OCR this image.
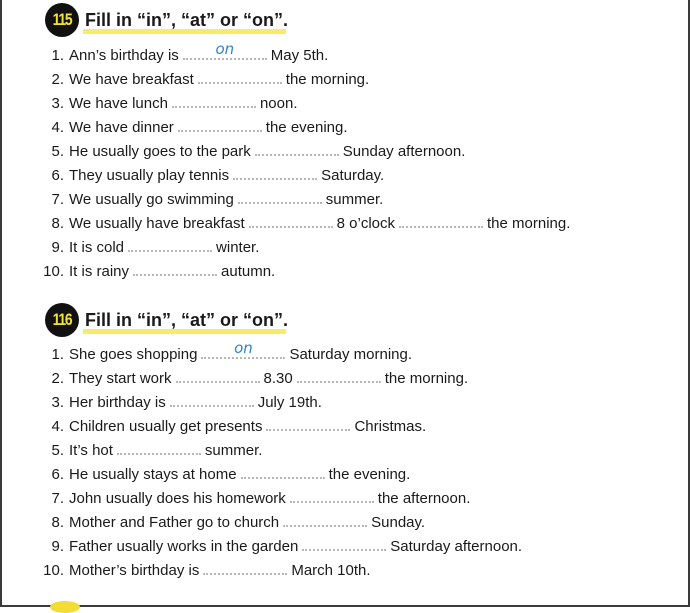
115 Fill in “in”, “at” or “on”.
1. Ann’s birthday is	on	May 5th.
2. We have breakfast	the morning.
3. We have lunch	noon.
4. We have dinner	the evening.
5. He usually goes to the park	Sunday afternoon.
6. They usually play tennis	Saturday.
7. We usually go swimming	summer.
8. We usually have breakfast	8 o’clock	the morning.
9. It is cold	winter.
10. It is rainy	autumn.
116 Fill in “in”, “at” or “on”.
1. She goes shopping	on	Saturday morning.
2. They start work	8.30	the morning.
3. Her birthday is	July 19th.
4. Children usually get presents	Christmas.
5. It’s hot	summer.
6. He usually stays at home	the evening.
7. John usually does his homework	the afternoon.
8. Mother and Father go to church	Sunday.
9. Father usually works in the garden	Saturday afternoon.
10. Mother’s birthday is	March 10th.
